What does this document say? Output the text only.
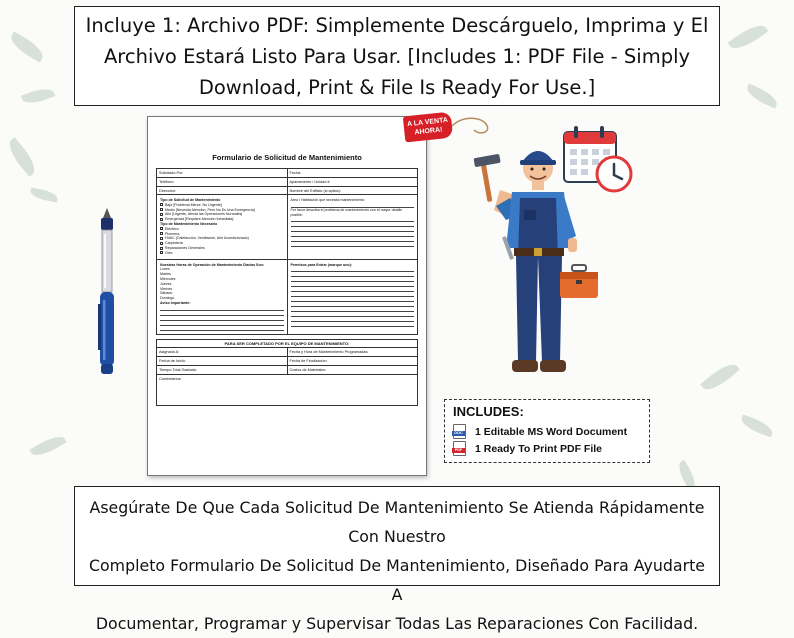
Incluye 1: Archivo PDF: Simplemente Descárguelo, Imprima y El
Archivo Estará Listo Para Usar. [Includes 1: PDF File - Simply
Download, Print & File Is Ready For Use.]
Formulario de Solicitud de Mantenimiento
Solicitado Por:	Fecha:
Teléfono:	Apartamento / Unidad #
Dirección:	Nombre del Edificio (si aplica):
Tipo de Solicitud de Mantenimiento
Bajo [Problema Menor, No Urgente]
Medio [Necesita Atención, Pero No Es Una Emergencia]
Alto [Urgente, Afecta las Operaciones Normales]
Emergencia [Requiere Atención Inmediata]
Tipo de Mantenimiento Necesario
Eléctrico
Plomería
HVAC (Calefacción, Ventilación, Aire Acondicionado)
Carpintería
Reparaciones Generales
Otro:
Área / Habitación que necesita mantenimiento:
Por favor describa el problema de mantenimiento con el mayor detalle posible:
Nuestras Horas de Operación de Mantenimiento Diarias Son:
Lunes
Martes
Miércoles
Jueves
Viernes
Sábado
Domingo
Aviso Importante:
Permisos para Entrar (marque uno):
PARA SER COMPLETADO POR EL EQUIPO DE MANTENIMIENTO:
Asignado A:	Fecha y Hora de Mantenimiento Programadas:
Fecha de Inicio:	Fecha de Finalización:
Tiempo Total Gastado:	Costos de Materiales:
Comentarios:
A LA VENTA
AHORA!
INCLUDES:
DOC 1 Editable MS Word Document
PDF 1 Ready To Print PDF File
Asegúrate De Que Cada Solicitud De Mantenimiento Se Atienda Rápidamente Con Nuestro
Completo Formulario De Solicitud De Mantenimiento, Diseñado Para Ayudarte A
Documentar, Programar y Supervisar Todas Las Reparaciones Con Facilidad.
